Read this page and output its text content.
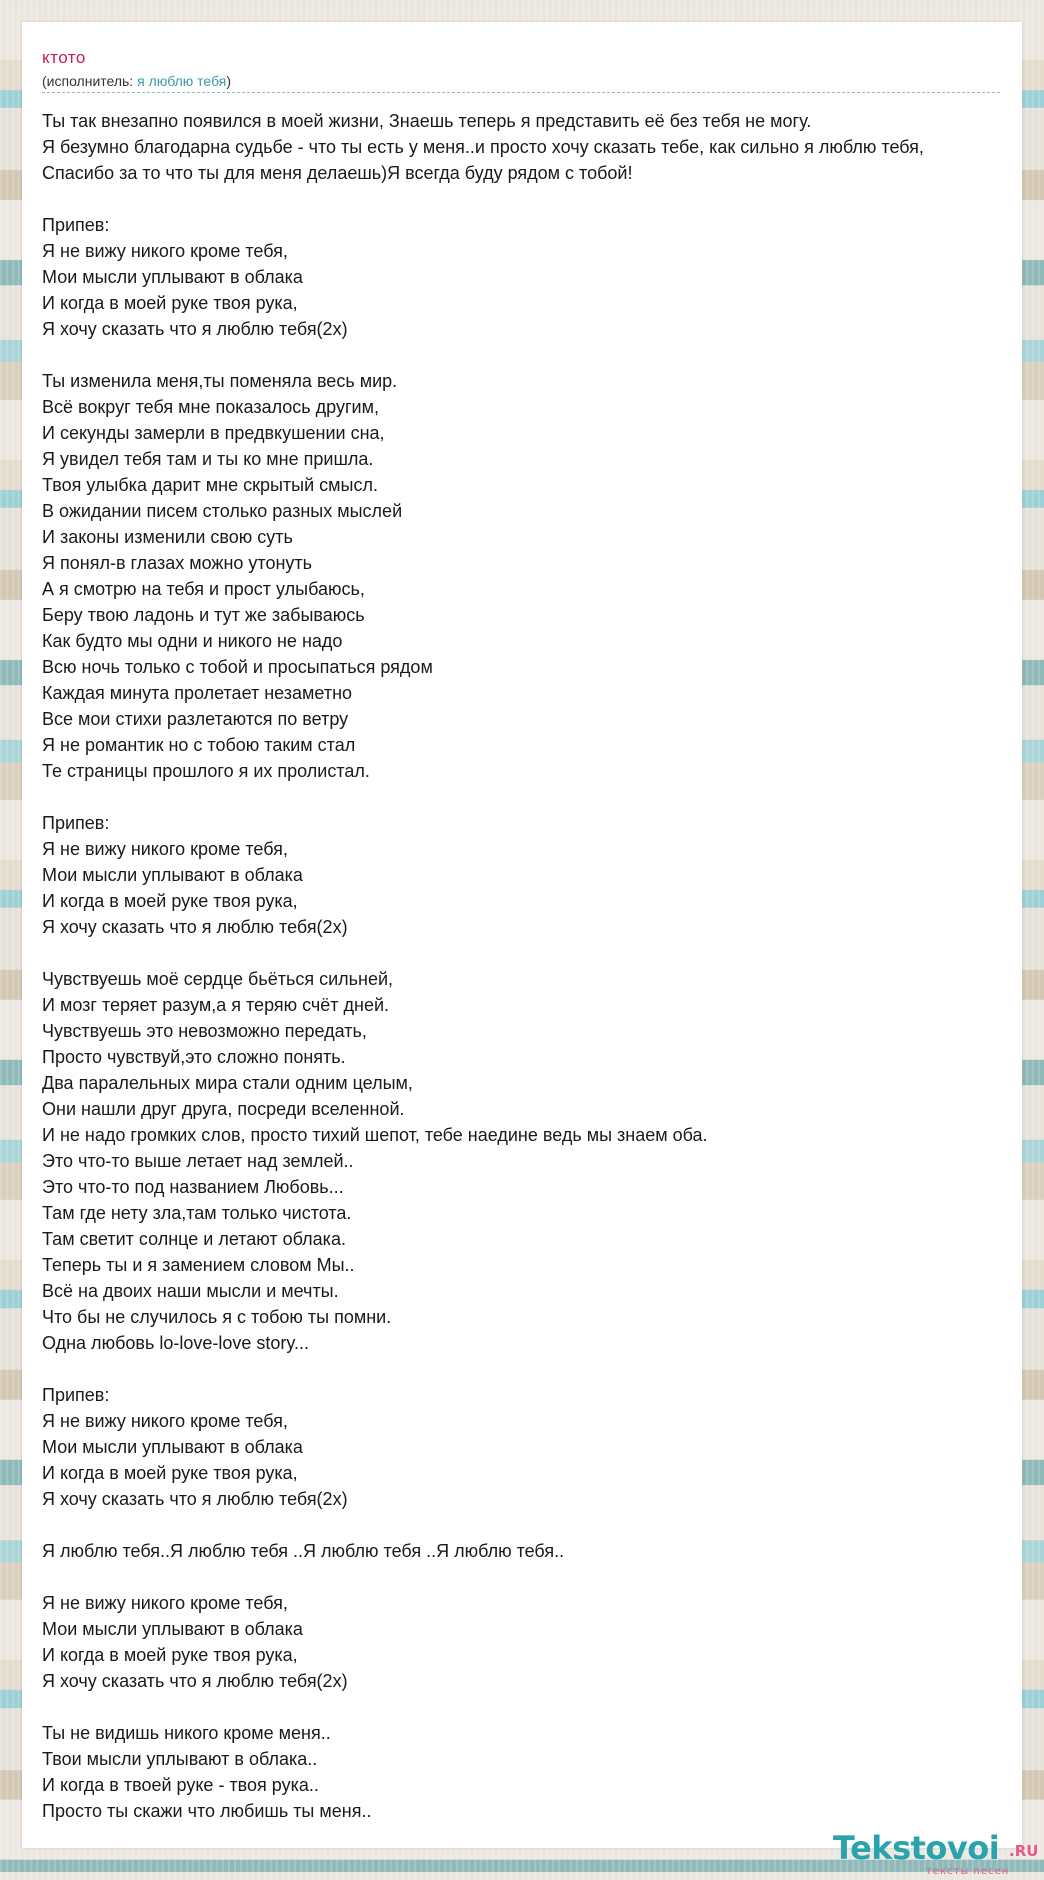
ктото
(исполнитель: я люблю тебя)
Ты так внезапно появился в моей жизни, Знаешь теперь я представить её без тебя не могу.
Я безумно благодарна судьбе - что ты есть у меня..и просто хочу сказать тебе, как сильно я люблю тебя,
Спасибо за то что ты для меня делаешь)Я всегда буду рядом с тобой!
Припев:
Я не вижу никого кроме тебя,
Мои мысли уплывают в облака
И когда в моей руке твоя рука,
Я хочу сказать что я люблю тебя(2х)
Ты изменила меня,ты поменяла весь мир.
Всё вокруг тебя мне показалось другим,
И секунды замерли в предвкушении сна,
Я увидел тебя там и ты ко мне пришла.
Твоя улыбка дарит мне скрытый смысл.
В ожидании писем столько разных мыслей
И законы изменили свою суть
Я понял-в глазах можно утонуть
А я смотрю на тебя и прост улыбаюсь,
Беру твою ладонь и тут же забываюсь
Как будто мы одни и никого не надо
Всю ночь только с тобой и просыпаться рядом
Каждая минута пролетает незаметно
Все мои стихи разлетаются по ветру
Я не романтик но с тобою таким стал
Те страницы прошлого я их пролистал.
Припев:
Я не вижу никого кроме тебя,
Мои мысли уплывают в облака
И когда в моей руке твоя рука,
Я хочу сказать что я люблю тебя(2х)
Чувствуешь моё сердце бьёться сильней,
И мозг теряет разум,а я теряю счёт дней.
Чувствуешь это невозможно передать,
Просто чувствуй,это сложно понять.
Два паралельных мира стали одним целым,
Они нашли друг друга, посреди вселенной.
И не надо громких слов, просто тихий шепот, тебе наедине ведь мы знаем оба.
Это что-то выше летает над землей..
Это что-то под названием Любовь...
Там где нету зла,там только чистота.
Там светит солнце и летают облака.
Теперь ты и я замением словом Мы..
Всё на двоих наши мысли и мечты.
Что бы не случилось я с тобою ты помни.
Одна любовь lo-love-love story...
Припев:
Я не вижу никого кроме тебя,
Мои мысли уплывают в облака
И когда в моей руке твоя рука,
Я хочу сказать что я люблю тебя(2х)
Я люблю тебя..Я люблю тебя ..Я люблю тебя ..Я люблю тебя..
Я не вижу никого кроме тебя,
Мои мысли уплывают в облака
И когда в моей руке твоя рука,
Я хочу сказать что я люблю тебя(2х)
Ты не видишь никого кроме меня..
Твои мысли уплывают в облака..
И когда в твоей руке - твоя рука..
Просто ты скажи что любишь ты меня..
Tekstovoi .RU
тексты песен
